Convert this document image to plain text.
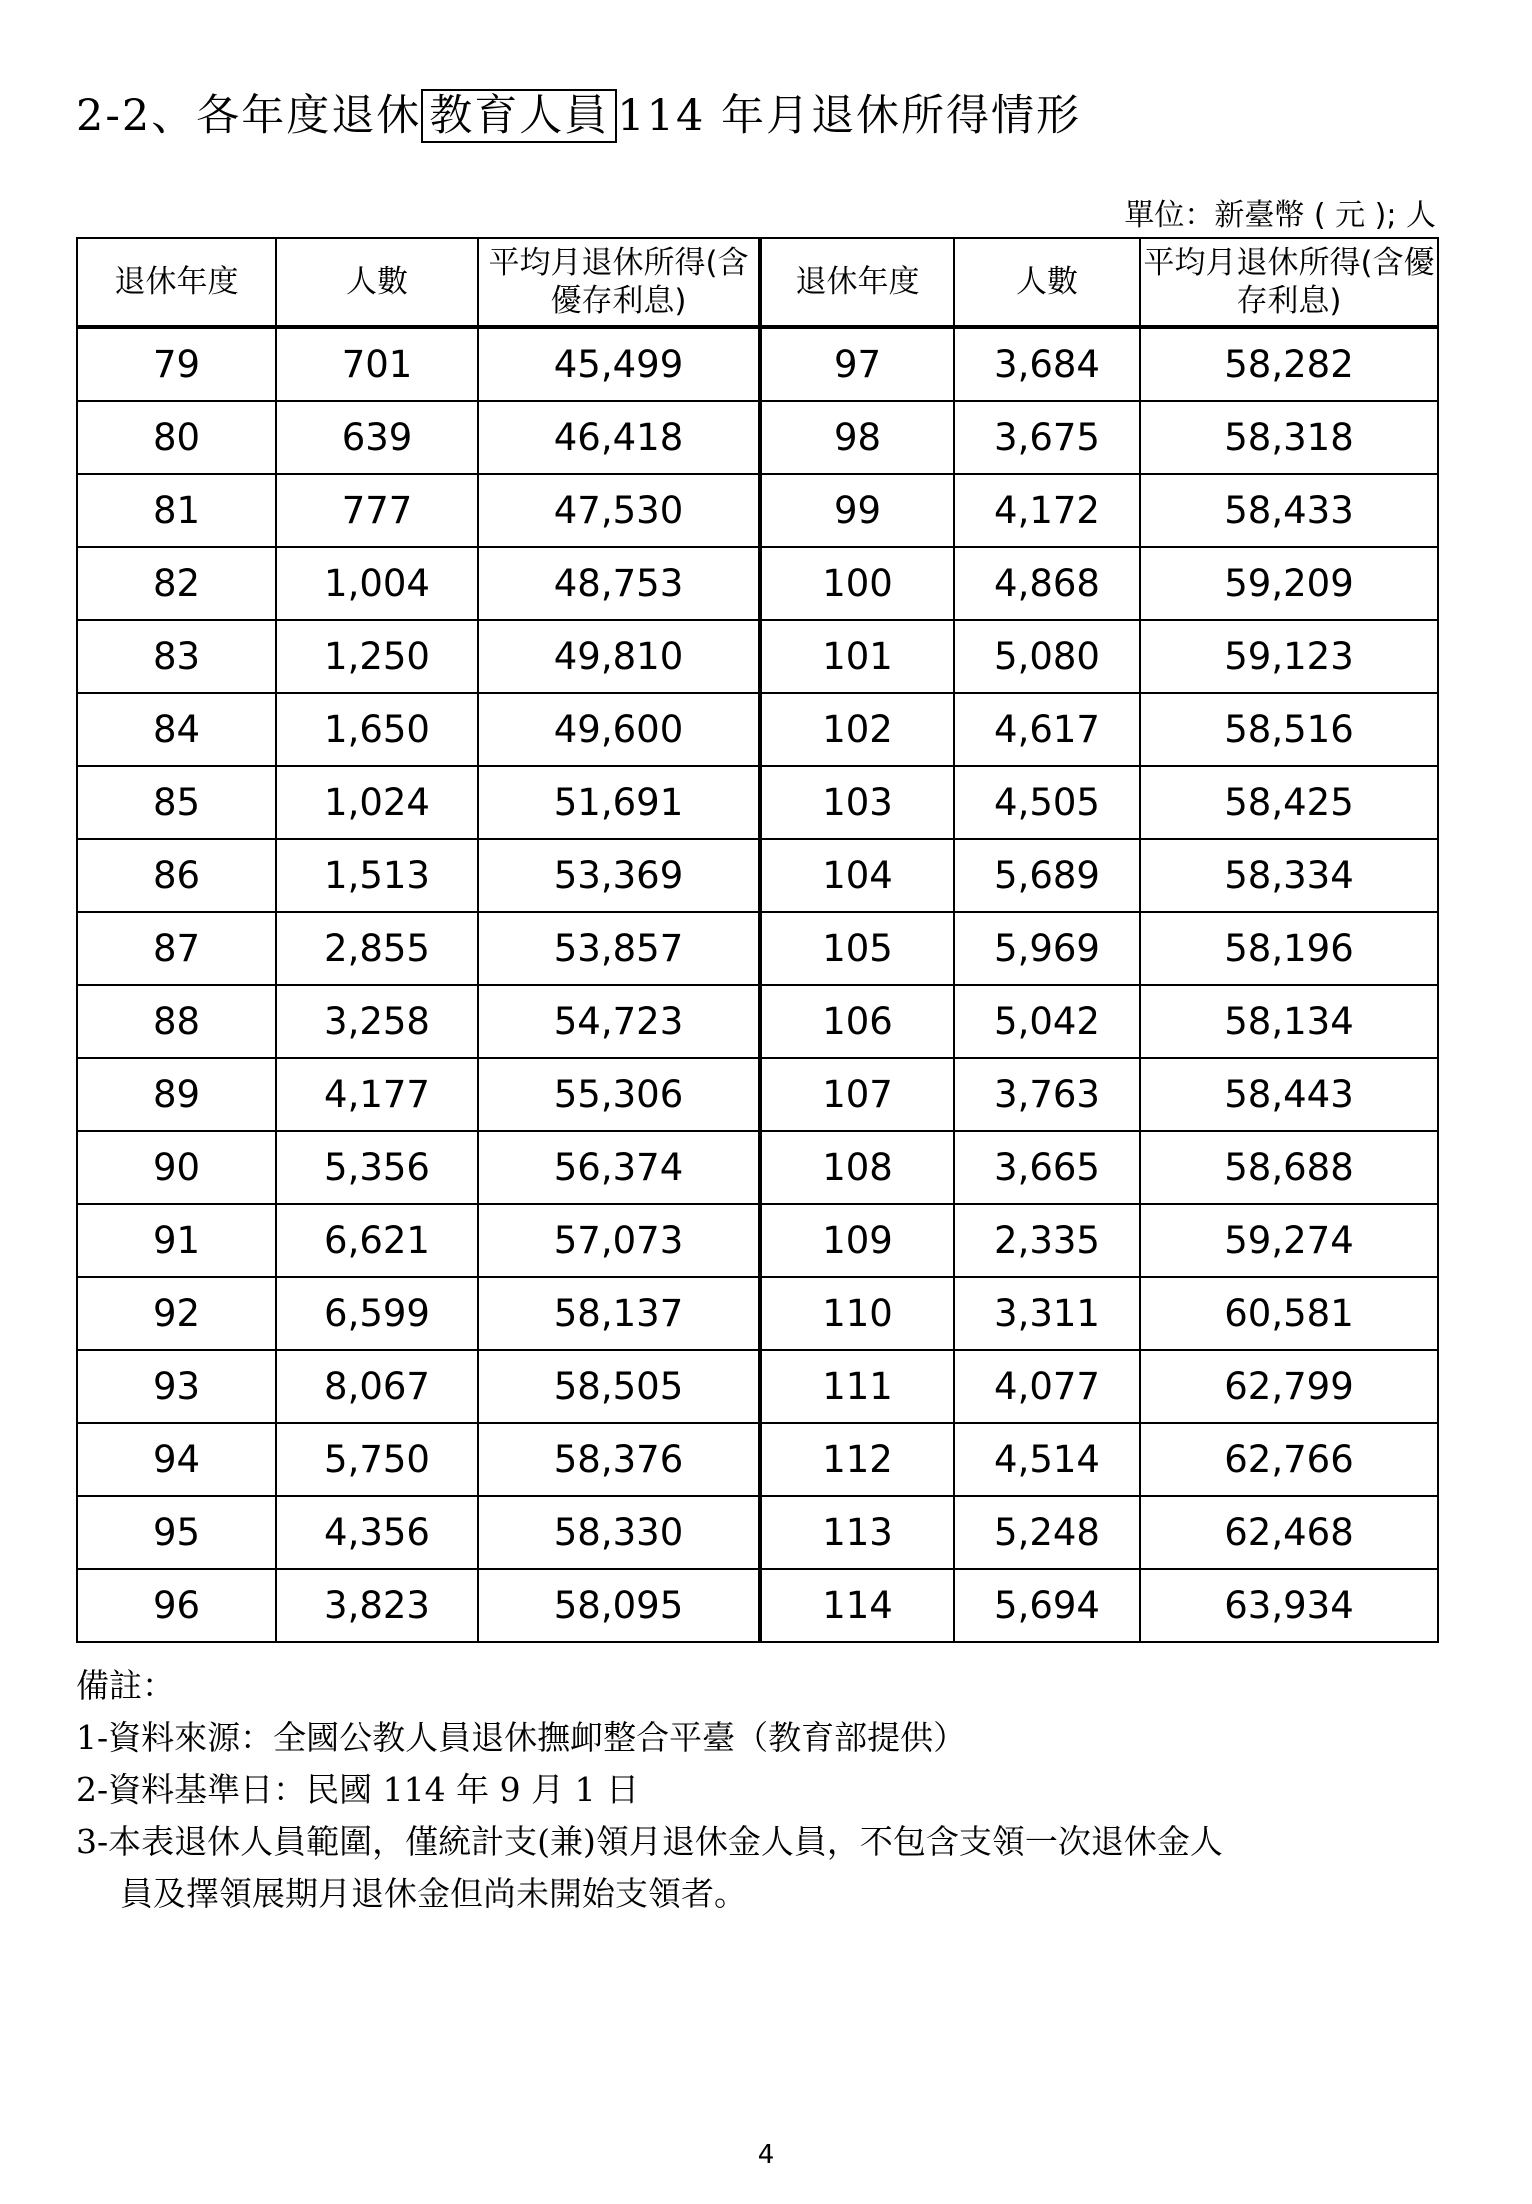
2-2、各年度退休 教育人員 114 年月退休所得情形
單位：新臺幣 ( 元 ); 人
退休年度	人數	平均月退休所得(含優存利息)	退休年度	人數	平均月退休所得(含優存利息)
79	701	45,499	97	3,684	58,282
80	639	46,418	98	3,675	58,318
81	777	47,530	99	4,172	58,433
82	1,004	48,753	100	4,868	59,209
83	1,250	49,810	101	5,080	59,123
84	1,650	49,600	102	4,617	58,516
85	1,024	51,691	103	4,505	58,425
86	1,513	53,369	104	5,689	58,334
87	2,855	53,857	105	5,969	58,196
88	3,258	54,723	106	5,042	58,134
89	4,177	55,306	107	3,763	58,443
90	5,356	56,374	108	3,665	58,688
91	6,621	57,073	109	2,335	59,274
92	6,599	58,137	110	3,311	60,581
93	8,067	58,505	111	4,077	62,799
94	5,750	58,376	112	4,514	62,766
95	4,356	58,330	113	5,248	62,468
96	3,823	58,095	114	5,694	63,934
備註：
1-資料來源：全國公教人員退休撫卹整合平臺（教育部提供）
2-資料基準日：民國 114 年 9 月 1 日
3-本表退休人員範圍，僅統計支(兼)領月退休金人員，不包含支領一次退休金人
員及擇領展期月退休金但尚未開始支領者。
4
